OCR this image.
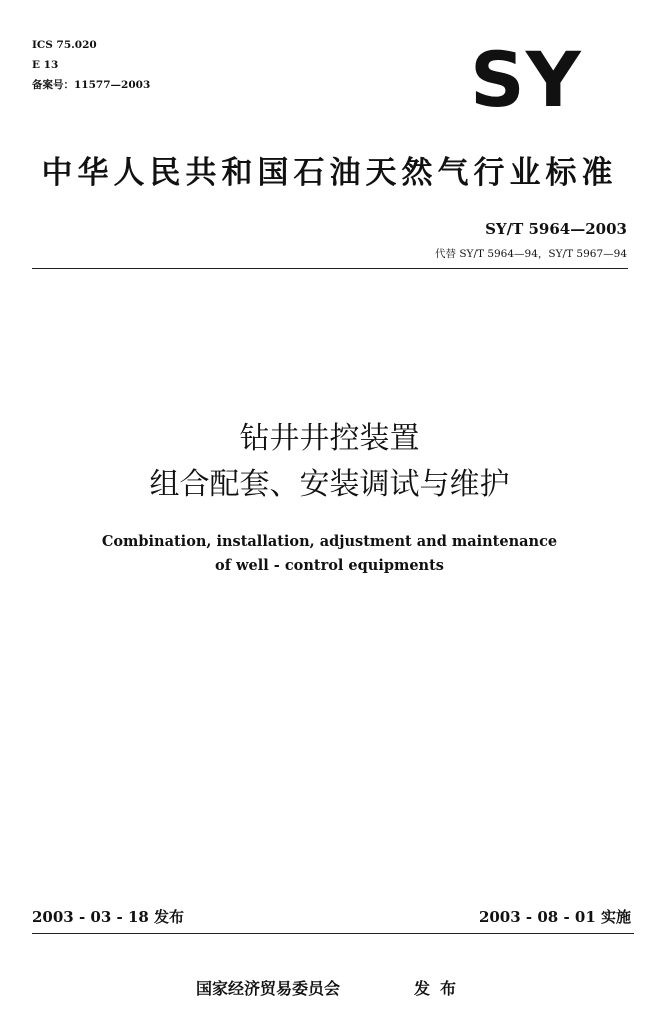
ICS 75.020
E 13
备案号：11577—2003	SY
中华人民共和国石油天然气行业标准
SY/T 5964—2003
代替 SY/T 5964—94，SY/T 5967—94
钻井井控装置
组合配套、安装调试与维护
Combination, installation, adjustment and maintenance
of well - control equipments
2003 - 03 - 18 发布	2003 - 08 - 01 实施
国家经济贸易委员会	发布
